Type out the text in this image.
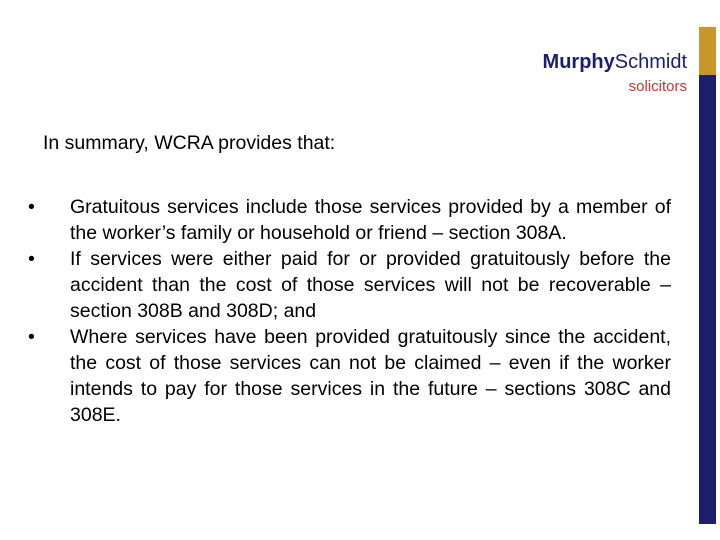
MurphySchmidt
solicitors
In summary, WCRA provides that:
•	Gratuitous services include those services provided by a member of the worker’s family or household or friend – section 308A.
•	If services were either paid for or provided gratuitously before the accident than the cost of those services will not be recoverable – section 308B and 308D; and
•	Where services have been provided gratuitously since the accident, the cost of those services can not be claimed – even if the worker intends to pay for those services in the future – sections 308C and 308E.
